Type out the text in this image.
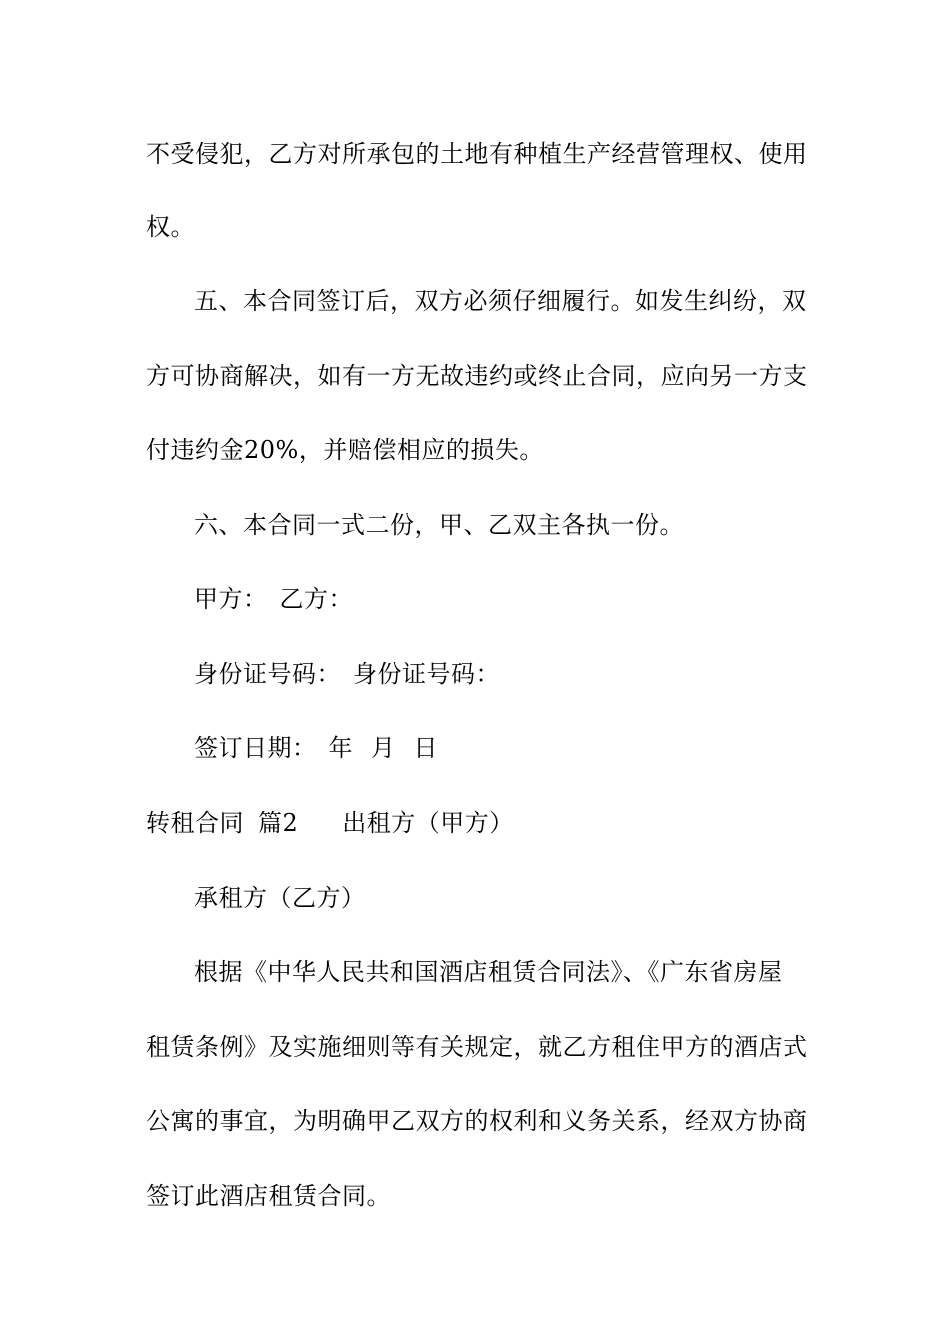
不受侵犯，乙方对所承包的土地有种植生产经营管理权、使用
权。
五、本合同签订后，双方必须仔细履行。如发生纠纷，双
方可协商解决，如有一方无故违约或终止合同，应向另一方支
付违约金20%，并赔偿相应的损失。
六、本合同一式二份，甲、乙双主各执一份。
甲方： 乙方：
身份证号码： 身份证号码：
签订日期： 年 月 日
转租合同 篇2 出租方（甲方）
承租方（乙方）
根据《中华人民共和国酒店租赁合同法》、《广东省房屋
租赁条例》及实施细则等有关规定，就乙方租住甲方的酒店式
公寓的事宜，为明确甲乙双方的权利和义务关系，经双方协商
签订此酒店租赁合同。
